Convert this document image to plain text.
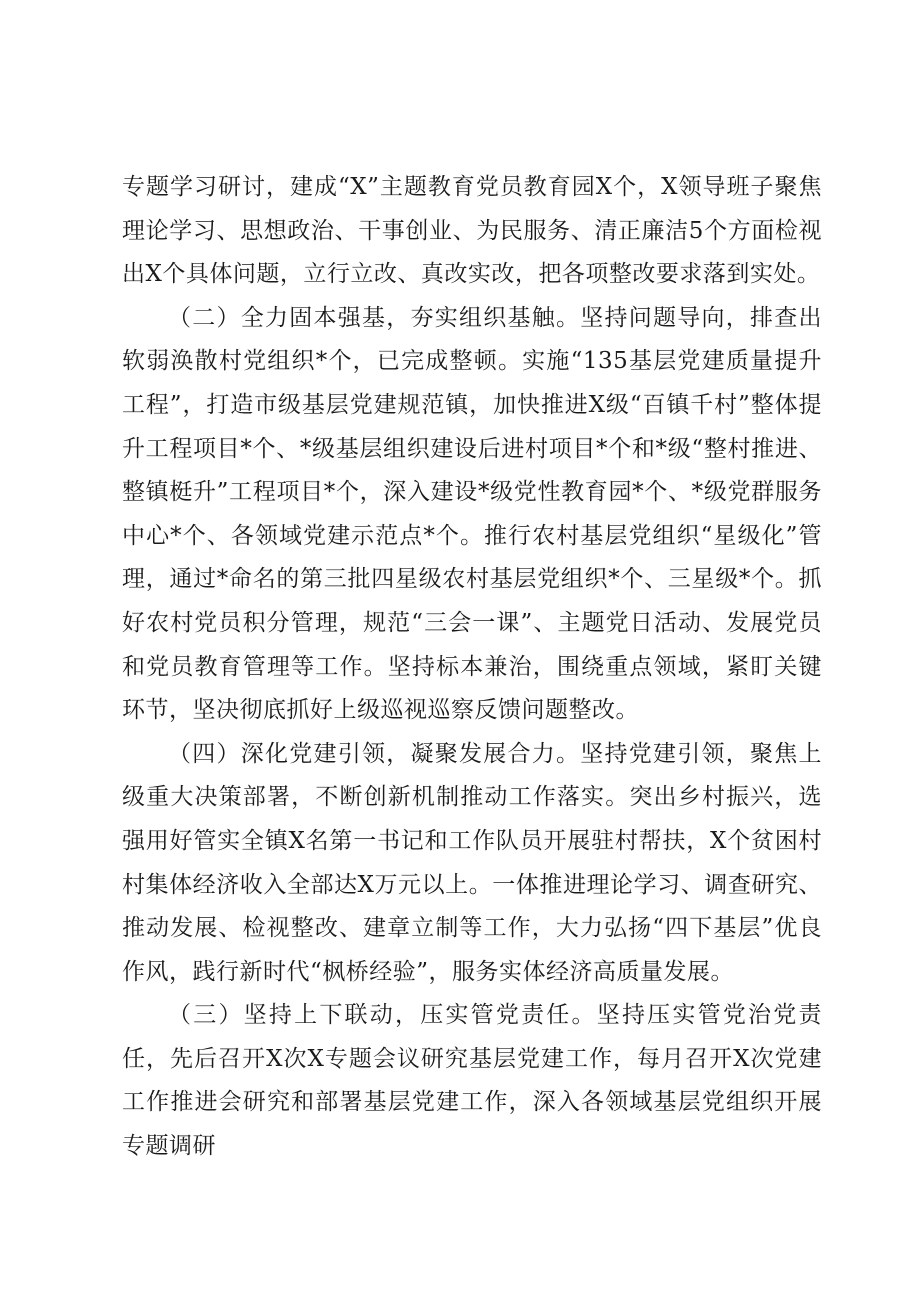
专题学习研讨，建成“X”主题教育党员教育园X个，X领导班子聚焦理论学习、思想政治、干事创业、为民服务、清正廉洁5个方面检视出X个具体问题，立行立改、真改实改，把各项整改要求落到实处。

（二）全力固本强基，夯实组织基触。坚持问题导向，排查出软弱涣散村党组织*个，已完成整顿。实施“135基层党建质量提升工程”，打造市级基层党建规范镇，加快推进X级“百镇千村”整体提升工程项目*个、*级基层组织建设后进村项目*个和*级“整村推进、整镇梃升”工程项目*个，深入建设*级党性教育园*个、*级党群服务中心*个、各领域党建示范点*个。推行农村基层党组织“星级化”管理，通过*命名的第三批四星级农村基层党组织*个、三星级*个。抓好农村党员积分管理，规范“三会一课”、主题党日活动、发展党员和党员教育管理等工作。坚持标本兼治，围绕重点领域，紧盯关键环节，坚决彻底抓好上级巡视巡察反馈问题整改。

（四）深化党建引领，凝聚发展合力。坚持党建引领，聚焦上级重大决策部署，不断创新机制推动工作落实。突出乡村振兴，选强用好管实全镇X名第一书记和工作队员开展驻村帮扶，X个贫困村村集体经济收入全部达X万元以上。一体推进理论学习、调查研究、推动发展、检视整改、建章立制等工作，大力弘扬“四下基层”优良作风，践行新时代“枫桥经验”，服务实体经济高质量发展。

（三）坚持上下联动，压实管党责任。坚持压实管党治党责任，先后召开X次X专题会议研究基层党建工作，每月召开X次党建工作推进会研究和部署基层党建工作，深入各领域基层党组织开展专题调研
